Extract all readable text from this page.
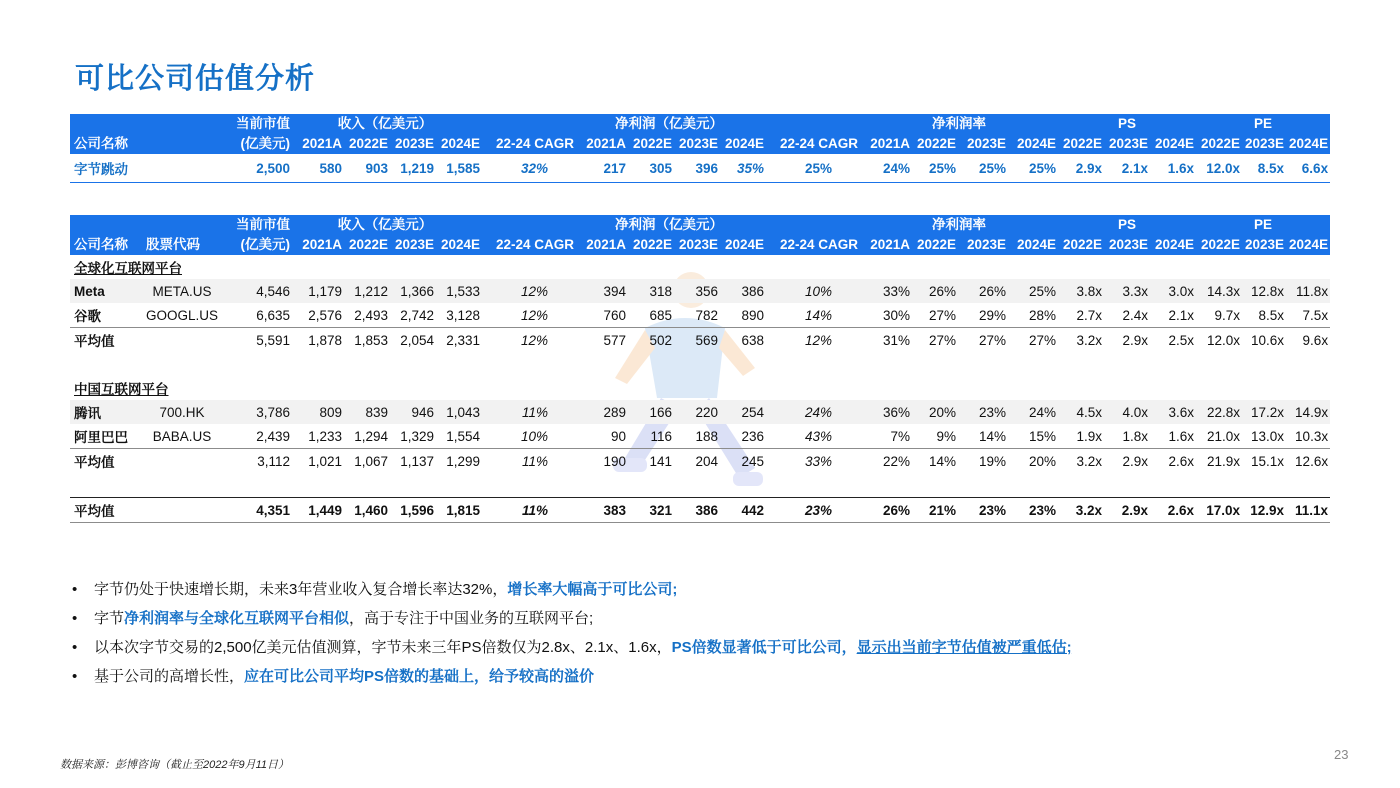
可比公司估值分析
		当前市值	收入（亿美元）					净利润（亿美元）					净利润率				PS			PE		
公司名称		(亿美元)	2021A	2022E	2023E	2024E	22-24 CAGR	2021A	2022E	2023E	2024E	22-24 CAGR	2021A	2022E	2023E	2024E	2022E	2023E	2024E	2022E	2023E	2024E
字节跳动		2,500	580	903	1,219	1,585	32%	217	305	396	35%	25%	24%	25%	25%	25%	2.9x	2.1x	1.6x	12.0x	8.5x	6.6x
		当前市值	收入（亿美元）					净利润（亿美元）					净利润率				PS			PE		
公司名称	股票代码	(亿美元)	2021A	2022E	2023E	2024E	22-24 CAGR	2021A	2022E	2023E	2024E	22-24 CAGR	2021A	2022E	2023E	2024E	2022E	2023E	2024E	2022E	2023E	2024E
全球化互联网平台																						
Meta	META.US	4,546	1,179	1,212	1,366	1,533	12%	394	318	356	386	10%	33%	26%	26%	25%	3.8x	3.3x	3.0x	14.3x	12.8x	11.8x
谷歌	GOOGL.US	6,635	2,576	2,493	2,742	3,128	12%	760	685	782	890	14%	30%	27%	29%	28%	2.7x	2.4x	2.1x	9.7x	8.5x	7.5x
平均值		5,591	1,878	1,853	2,054	2,331	12%	577	502	569	638	12%	31%	27%	27%	27%	3.2x	2.9x	2.5x	12.0x	10.6x	9.6x

中国互联网平台																						
腾讯	700.HK	3,786	809	839	946	1,043	11%	289	166	220	254	24%	36%	20%	23%	24%	4.5x	4.0x	3.6x	22.8x	17.2x	14.9x
阿里巴巴	BABA.US	2,439	1,233	1,294	1,329	1,554	10%	90	116	188	236	43%	7%	9%	14%	15%	1.9x	1.8x	1.6x	21.0x	13.0x	10.3x
平均值		3,112	1,021	1,067	1,137	1,299	11%	190	141	204	245	33%	22%	14%	19%	20%	3.2x	2.9x	2.6x	21.9x	15.1x	12.6x

平均值		4,351	1,449	1,460	1,596	1,815	11%	383	321	386	442	23%	26%	21%	23%	23%	3.2x	2.9x	2.6x	17.0x	12.9x	11.1x
• 字节仍处于快速增长期，未来3年营业收入复合增长率达32%，增长率大幅高于可比公司;
• 字节净利润率与全球化互联网平台相似，高于专注于中国业务的互联网平台;
• 以本次字节交易的2,500亿美元估值测算，字节未来三年PS倍数仅为2.8x、2.1x、1.6x，PS倍数显著低于可比公司，显示出当前字节估值被严重低估;
• 基于公司的高增长性，应在可比公司平均PS倍数的基础上，给予较高的溢价
数据来源：彭博咨询（截止至2022年9月11日）
23
